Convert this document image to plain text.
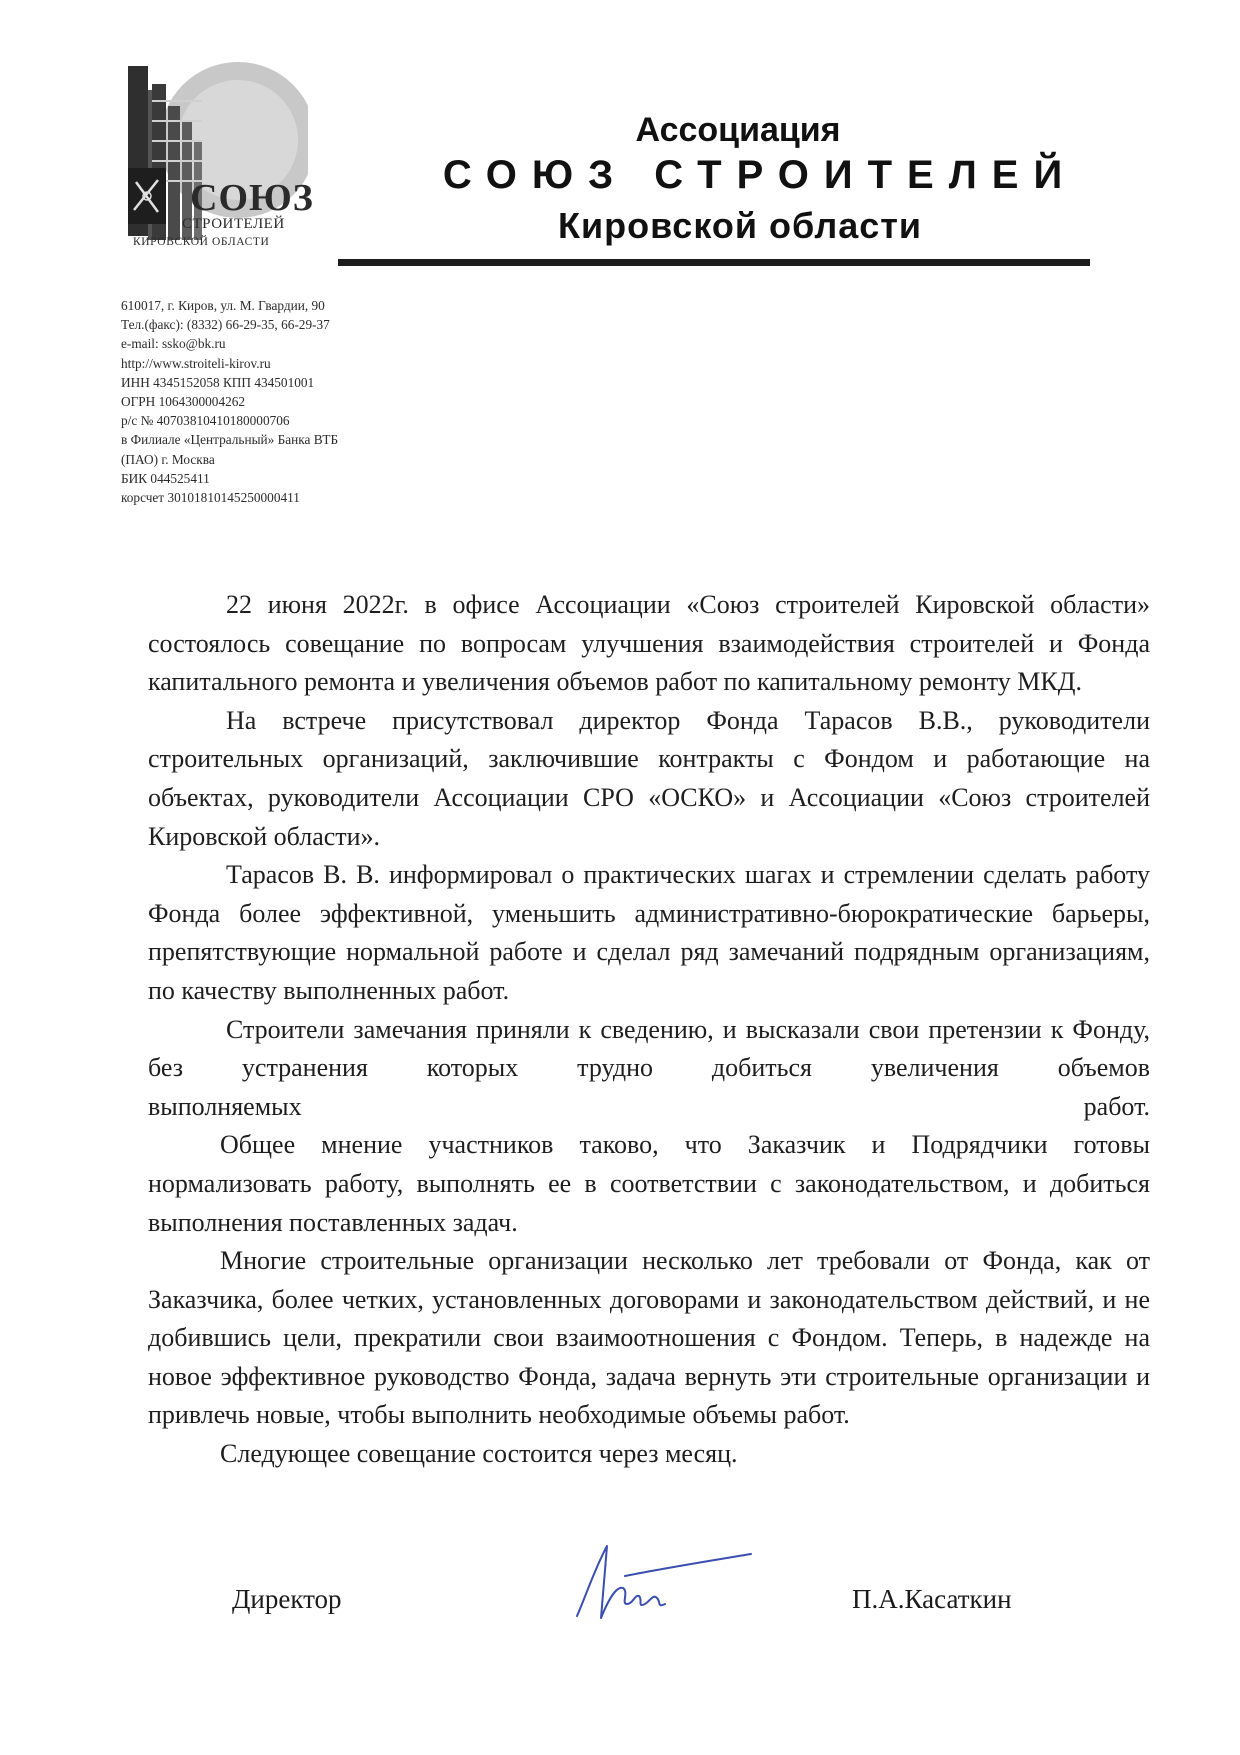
СОЮЗ
СТРОИТЕЛЕЙ
КИРОВСКОЙ ОБЛАСТИ
Ассоциация
СОЮЗ СТРОИТЕЛЕЙ
Кировской области
610017, г. Киров, ул. М. Гвардии, 90
Тел.(факс): (8332) 66-29-35, 66-29-37
e-mail: ssko@bk.ru
http://www.stroiteli-kirov.ru
ИНН 4345152058 КПП 434501001
ОГРН 1064300004262
р/с № 40703810410180000706
в Филиале «Центральный» Банка ВТБ
(ПАО) г. Москва
БИК 044525411
корсчет 30101810145250000411

22 июня 2022г. в офисе Ассоциации «Союз строителей Кировской области» состоялось совещание по вопросам улучшения взаимодействия строителей и Фонда капитального ремонта и увеличения объемов работ по капитальному ремонту МКД.

На встрече присутствовал директор Фонда Тарасов В.В., руководители строительных организаций, заключившие контракты с Фондом и работающие на объектах, руководители Ассоциации СРО «ОСКО» и Ассоциации «Союз строителей Кировской области».

Тарасов В. В. информировал о практических шагах и стремлении сделать работу Фонда более эффективной, уменьшить административно-бюрократические барьеры, препятствующие нормальной работе и сделал ряд замечаний подрядным организациям, по качеству выполненных работ.

Строители замечания приняли к сведению, и высказали свои претензии к Фонду, без устранения которых трудно добиться увеличения объемов

выполняемых	работ.

Общее мнение участников таково, что Заказчик и Подрядчики готовы нормализовать работу, выполнять ее в соответствии с законодательством, и добиться выполнения поставленных задач.

Многие строительные организации несколько лет требовали от Фонда, как от Заказчика, более четких, установленных договорами и законодательством действий, и не добившись цели, прекратили свои взаимоотношения с Фондом. Теперь, в надежде на новое эффективное руководство Фонда, задача вернуть эти строительные организации и привлечь новые, чтобы выполнить необходимые объемы работ.

Следующее совещание состоится через месяц.

Директор	П.А.Касаткин
